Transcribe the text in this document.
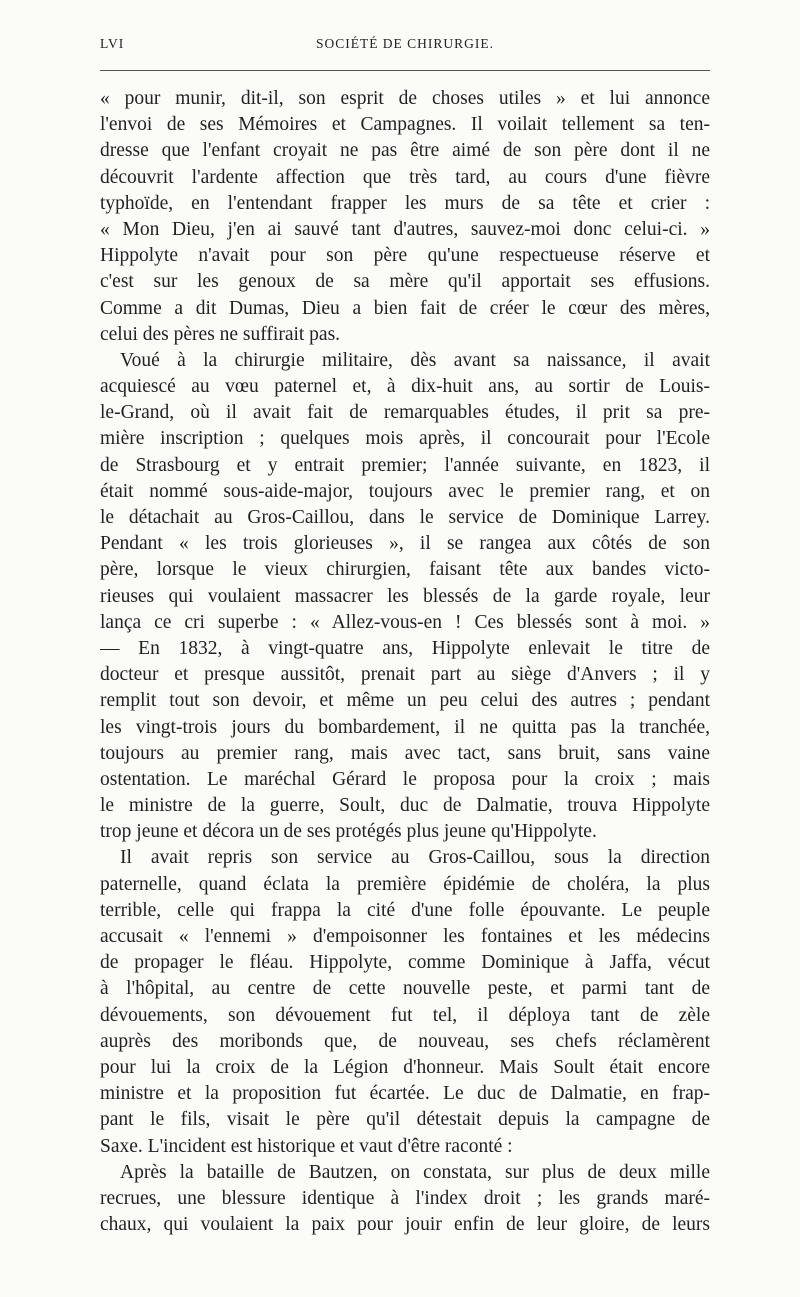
LVI	SOCIÉTÉ DE CHIRURGIE.
« pour munir, dit-il, son esprit de choses utiles » et lui annonce
l'envoi de ses Mémoires et Campagnes. Il voilait tellement sa ten-
dresse que l'enfant croyait ne pas être aimé de son père dont il ne
découvrit l'ardente affection que très tard, au cours d'une fièvre
typhoïde, en l'entendant frapper les murs de sa tête et crier :
« Mon Dieu, j'en ai sauvé tant d'autres, sauvez-moi donc celui-ci. »
Hippolyte n'avait pour son père qu'une respectueuse réserve et
c'est sur les genoux de sa mère qu'il apportait ses effusions.
Comme a dit Dumas, Dieu a bien fait de créer le cœur des mères,
celui des pères ne suffirait pas.
Voué à la chirurgie militaire, dès avant sa naissance, il avait
acquiescé au vœu paternel et, à dix-huit ans, au sortir de Louis-
le-Grand, où il avait fait de remarquables études, il prit sa pre-
mière inscription ; quelques mois après, il concourait pour l'Ecole
de Strasbourg et y entrait premier; l'année suivante, en 1823, il
était nommé sous-aide-major, toujours avec le premier rang, et on
le détachait au Gros-Caillou, dans le service de Dominique Larrey.
Pendant « les trois glorieuses », il se rangea aux côtés de son
père, lorsque le vieux chirurgien, faisant tête aux bandes victo-
rieuses qui voulaient massacrer les blessés de la garde royale, leur
lança ce cri superbe : « Allez-vous-en ! Ces blessés sont à moi. »
— En 1832, à vingt-quatre ans, Hippolyte enlevait le titre de
docteur et presque aussitôt, prenait part au siège d'Anvers ; il y
remplit tout son devoir, et même un peu celui des autres ; pendant
les vingt-trois jours du bombardement, il ne quitta pas la tranchée,
toujours au premier rang, mais avec tact, sans bruit, sans vaine
ostentation. Le maréchal Gérard le proposa pour la croix ; mais
le ministre de la guerre, Soult, duc de Dalmatie, trouva Hippolyte
trop jeune et décora un de ses protégés plus jeune qu'Hippolyte.
Il avait repris son service au Gros-Caillou, sous la direction
paternelle, quand éclata la première épidémie de choléra, la plus
terrible, celle qui frappa la cité d'une folle épouvante. Le peuple
accusait « l'ennemi » d'empoisonner les fontaines et les médecins
de propager le fléau. Hippolyte, comme Dominique à Jaffa, vécut
à l'hôpital, au centre de cette nouvelle peste, et parmi tant de
dévouements, son dévouement fut tel, il déploya tant de zèle
auprès des moribonds que, de nouveau, ses chefs réclamèrent
pour lui la croix de la Légion d'honneur. Mais Soult était encore
ministre et la proposition fut écartée. Le duc de Dalmatie, en frap-
pant le fils, visait le père qu'il détestait depuis la campagne de
Saxe. L'incident est historique et vaut d'être raconté :
Après la bataille de Bautzen, on constata, sur plus de deux mille
recrues, une blessure identique à l'index droit ; les grands maré-
chaux, qui voulaient la paix pour jouir enfin de leur gloire, de leurs
